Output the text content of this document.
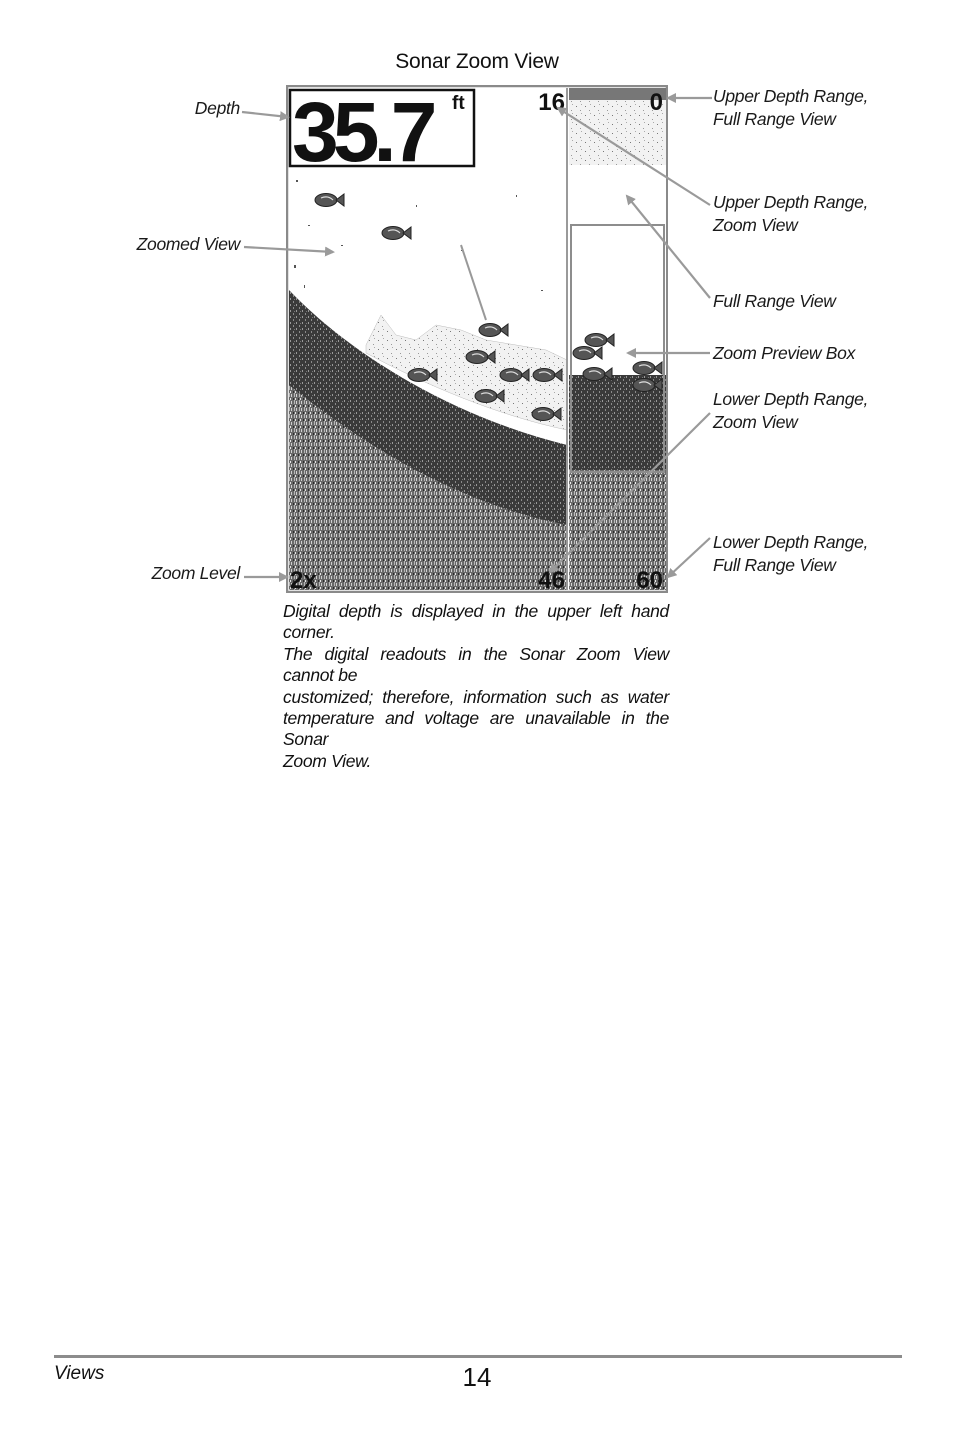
Sonar Zoom View
Depth
Zoomed View
Zoom Level
Upper Depth Range,
Full Range View
Upper Depth Range,
Zoom View
Full Range View
Zoom Preview Box
Lower Depth Range,
Zoom View
Lower Depth Range,
Full Range View
35.7 ft	16	0
46	60
2x
Digital depth is displayed in the upper left hand corner.
The digital readouts in the Sonar Zoom View cannot be
customized; therefore, information such as water
temperature and voltage are unavailable in the Sonar
Zoom View.
Views	14
